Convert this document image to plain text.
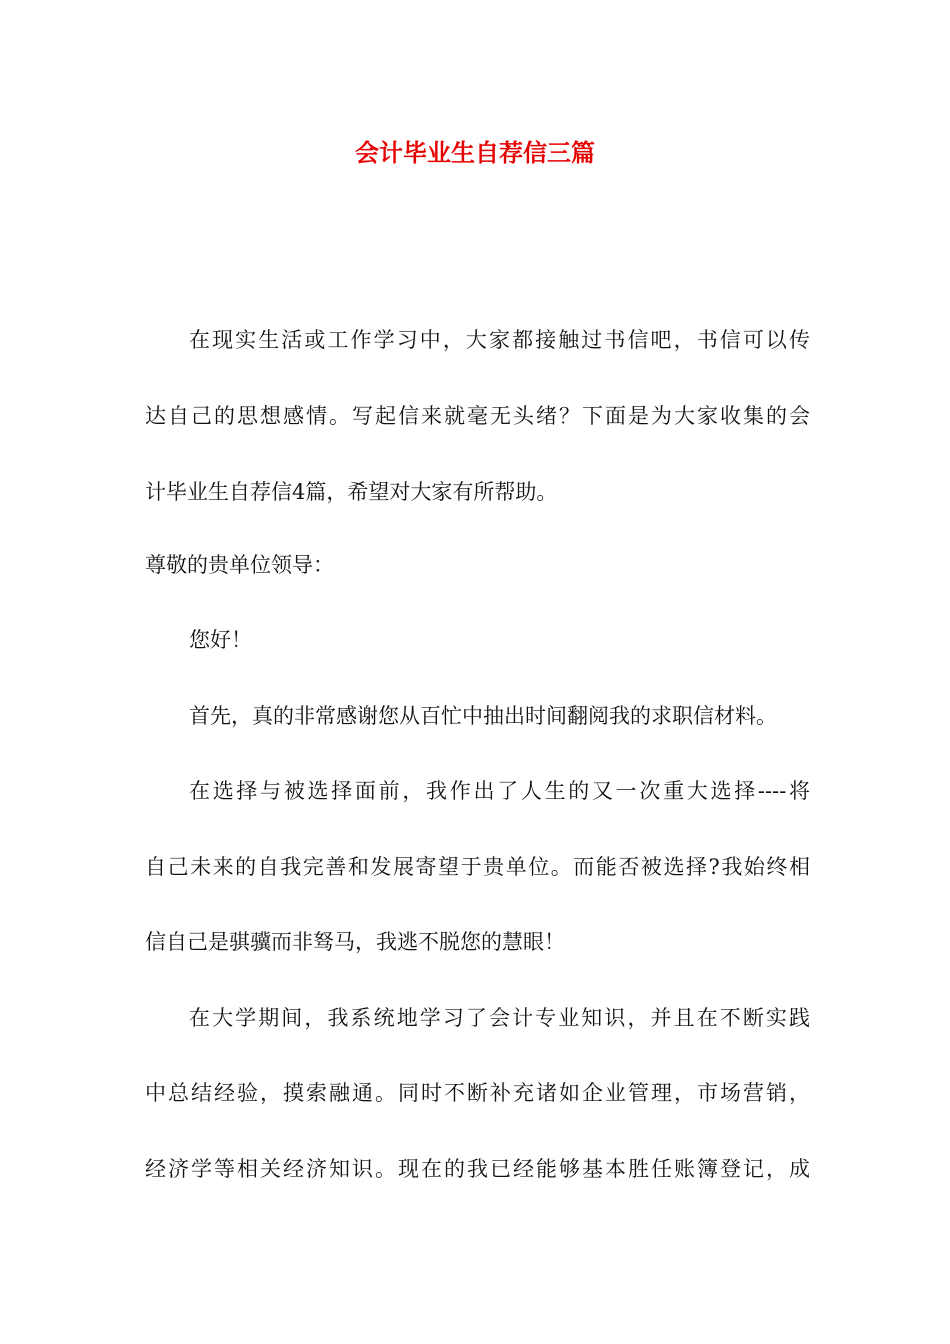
会计毕业生自荐信三篇
在现实生活或工作学习中，大家都接触过书信吧，书信可以传
达自己的思想感情。写起信来就毫无头绪？下面是为大家收集的会
计毕业生自荐信4篇，希望对大家有所帮助。
尊敬的贵单位领导：
您好！
首先，真的非常感谢您从百忙中抽出时间翻阅我的求职信材料。
在选择与被选择面前，我作出了人生的又一次重大选择----将
自己未来的自我完善和发展寄望于贵单位。而能否被选择?我始终相
信自己是骐骥而非驽马，我逃不脱您的慧眼！
在大学期间，我系统地学习了会计专业知识，并且在不断实践
中总结经验，摸索融通。同时不断补充诸如企业管理，市场营销，
经济学等相关经济知识。现在的我已经能够基本胜任账簿登记，成
